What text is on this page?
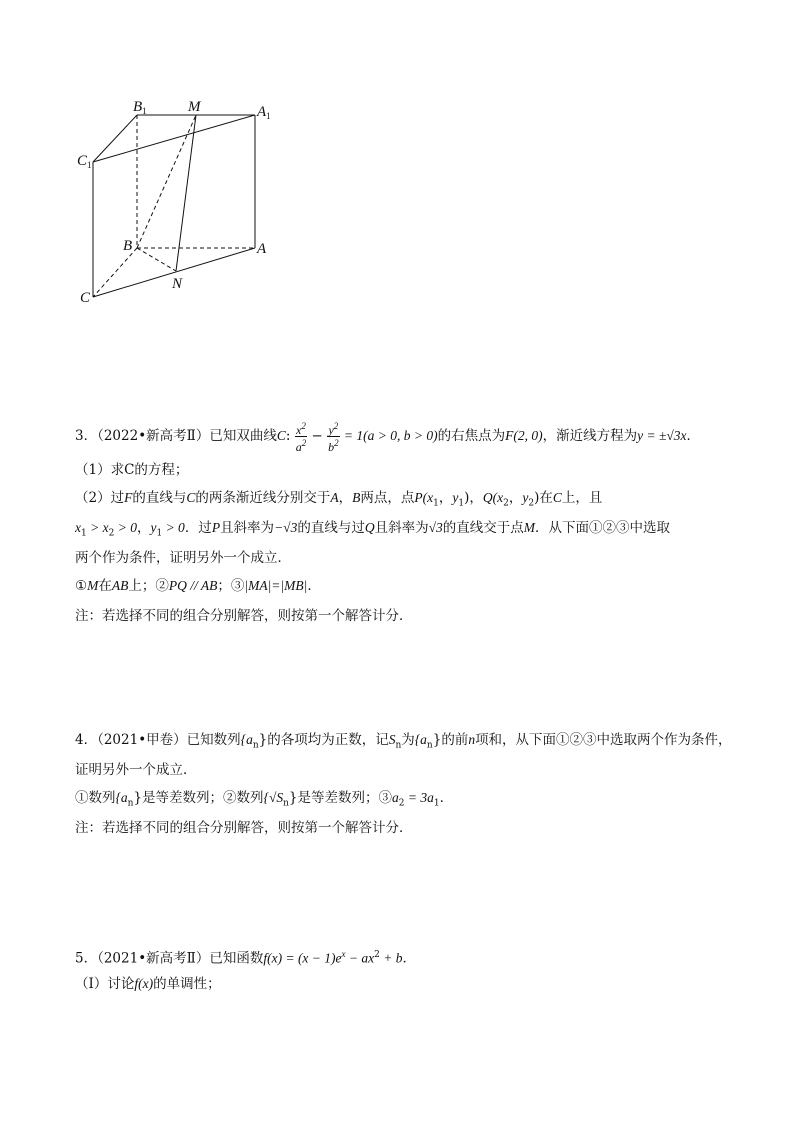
$B_1$	M	$A_1$
$C_1$
B	A
C
N
3．（2022•新高考Ⅱ）已知双曲线C: $\frac{x^2}{a^2} - \frac{y^2}{b^2} = 1(a > 0$, b > 0)的右焦点为F(2, 0)，渐近线方程为y = ±√3x．
（1）求C的方程；
（2）过F的直线与C的两条渐近线分别交于A，B两点，点$P(x_1$，$y_1$)，$Q(x_2$，$y_2$)在C上，且
$x_1 > x_2 > 0$，$y_1 > 0$．过P且斜率为−√3的直线与过Q且斜率为√3的直线交于点M．从下面①②③中选取
两个作为条件，证明另外一个成立．
①M在AB上；②PQ // AB；③|MA|=|MB|．
注：若选择不同的组合分别解答，则按第一个解答计分．
4．（2021•甲卷）已知数列$\{a_n\}$的各项均为正数，记$S_n$为$\{a_n\}$的前n项和，从下面①②③中选取两个作为条件，
证明另外一个成立．
①数列$\{a_n\}$是等差数列；②数列$\{√S_n\}$是等差数列；$③a_2 = 3a_1$．
注：若选择不同的组合分别解答，则按第一个解答计分．
5．（2021•新高考Ⅱ）已知函数$f(x) = (x - 1)e^x - ax^2 + b$．
（Ⅰ）讨论f(x)的单调性；
